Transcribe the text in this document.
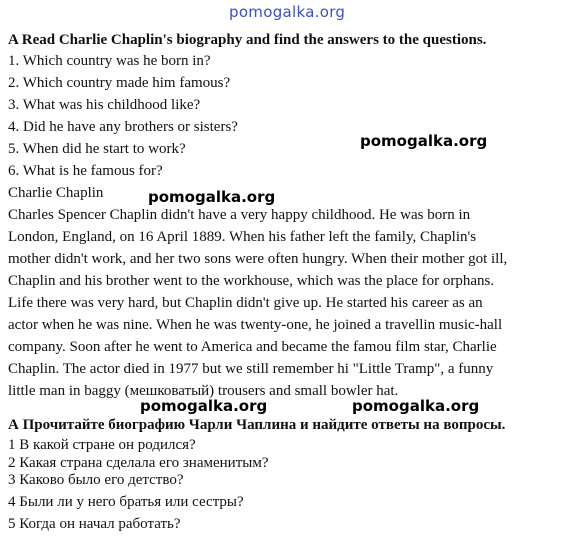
pomogalka.org
A Read Charlie Chaplin's biography and find the answers to the questions.
1. Which country was he born in?
2. Which country made him famous?
3. What was his childhood like?
4. Did he have any brothers or sisters?
5. When did he start to work?
6. What is he famous for?
pomogalka.org
Charlie Chaplin	pomogalka.org
Charles Spencer Chaplin didn't have a very happy childhood. He was born in
London, England, on 16 April 1889. When his father left the family, Chaplin's
mother didn't work, and her two sons were often hungry. When their mother got ill,
Chaplin and his brother went to the workhouse, which was the place for orphans.
Life there was very hard, but Chaplin didn't give up. He started his career as an
actor when he was nine. When he was twenty-one, he joined a travellin music-hall
company. Soon after he went to America and became the famou film star, Charlie
Chaplin. The actor died in 1977 but we still remember hi "Little Tramp", a funny
little man in baggy (мешковатый) trousers and small bowler hat.
pomogalka.org	pomogalka.org
А Прочитайте биографию Чарли Чаплина и найдите ответы на вопросы.
1 В какой стране он родился?
2 Какая страна сделала его знаменитым?
3 Каково было его детство?
4 Были ли у него братья или сестры?
5 Когда он начал работать?
